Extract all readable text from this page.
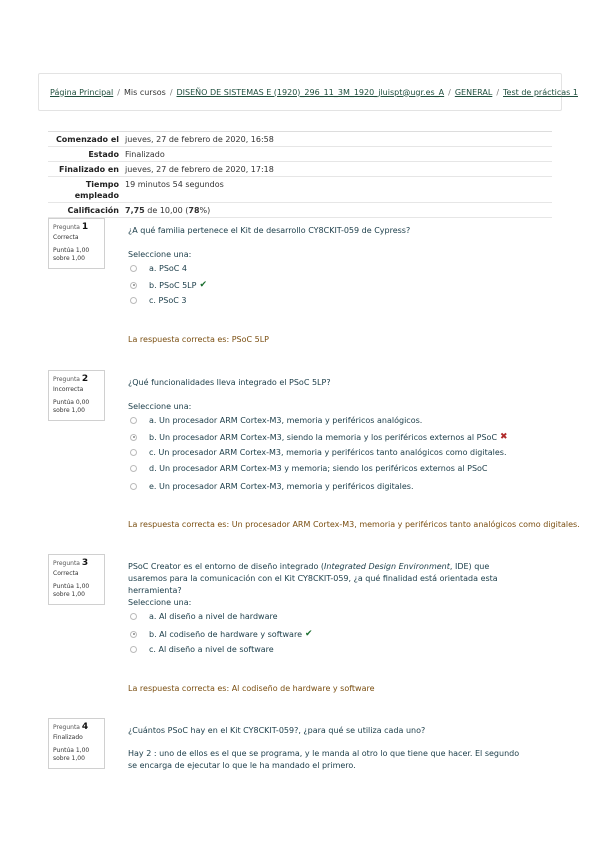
Página Principal / Mis cursos / DISEÑO DE SISTEMAS E (1920)_296_11_3M_1920_jluispt@ugr.es_A / GENERAL / Test de prácticas 1
Comenzado el jueves, 27 de febrero de 2020, 16:58
Estado Finalizado
Finalizado en jueves, 27 de febrero de 2020, 17:18
Tiempo
empleado
19 minutos 54 segundos
Calificación 7,75 de 10,00 (78%)
Pregunta 1
Correcta
Puntúa 1,00
sobre 1,00
¿A qué familia pertenece el Kit de desarrollo CY8CKIT-059 de Cypress?
Seleccione una:
a. PSoC 4
b. PSoC 5LP ✔
c. PSoC 3
La respuesta correcta es: PSoC 5LP
Pregunta 2
Incorrecta
Puntúa 0,00
sobre 1,00
¿Qué funcionalidades lleva integrado el PSoC 5LP?
Seleccione una:
a. Un procesador ARM Cortex-M3, memoria y periféricos analógicos.
b. Un procesador ARM Cortex-M3, siendo la memoria y los periféricos externos al PSoC ✖
c. Un procesador ARM Cortex-M3, memoria y periféricos tanto analógicos como digitales.
d. Un procesador ARM Cortex-M3 y memoria; siendo los periféricos externos al PSoC
e. Un procesador ARM Cortex-M3, memoria y periféricos digitales.
La respuesta correcta es: Un procesador ARM Cortex-M3, memoria y periféricos tanto analógicos como digitales.
Pregunta 3
Correcta
Puntúa 1,00
sobre 1,00
PSoC Creator es el entorno de diseño integrado (Integrated Design Environment, IDE) que usaremos para la comunicación con el Kit CY8CKIT-059, ¿a qué finalidad está orientada esta herramienta?
Seleccione una:
a. Al diseño a nivel de hardware
b. Al codiseño de hardware y software ✔
c. Al diseño a nivel de software
La respuesta correcta es: Al codiseño de hardware y software
Pregunta 4
Finalizado
Puntúa 1,00
sobre 1,00
¿Cuántos PSoC hay en el Kit CY8CKIT-059?, ¿para qué se utiliza cada uno?
Hay 2 : uno de ellos es el que se programa, y le manda al otro lo que tiene que hacer. El segundo se encarga de ejecutar lo que le ha mandado el primero.
